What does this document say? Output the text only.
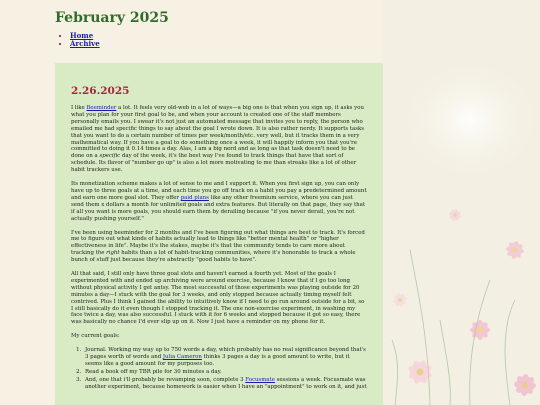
February 2025
▪ Home
▪ Archive
2.26.2025

I like Beeminder a lot. It feels very old-web in a lot of ways—a big one is that when you sign up, it asks you what you plan for your first goal to be, and when your account is created one of the staff members personally emails you. I swear it's not just an automated message that invites you to reply, the person who emailed me had specific things to say about the goal I wrote down. It is also rather nerdy. It supports tasks that you want to do a certain number of times per week/month/etc. very well, but it tracks them in a very mathematical way. If you have a goal to do something once a week, it will happily inform you that you're committed to doing it 0.14 times a day. Alas, I am a big nerd and as long as that task doesn't need to be done on a specific day of the week, it's the best way I've found to track things that have that sort of schedule. Its flavor of "number go up" is also a lot more motivating to me than streaks like a lot of other habit trackers use.

Its monetization scheme makes a lot of sense to me and I support it. When you first sign up, you can only have up to three goals at a time, and each time you go off track on a habit you pay a predetermined amount and earn one more goal slot. They offer paid plans like any other freemium service, where you can just send them x dollars a month for unlimited goals and extra features. But literally on that page, they say that if all you want is more goals, you should earn them by derailing because "if you never derail, you're not actually pushing yourself."

I've been using beeminder for 2 months and I've been figuring out what things are best to track. It's forced me to figure out what kinds of habits actually lead to things like "better mental health" or "higher effectiveness in life". Maybe it's the stakes, maybe it's that the community tends to care more about tracking the right habits than a lot of habit-tracking communities, where it's honorable to track a whole bunch of stuff just because they're abstractly "good habits to have".

All that said, I still only have three goal slots and haven't earned a fourth yet. Most of the goals I experimented with and ended up archiving were around exercise, because I know that if I go too long without physical activity I get antsy. The most successful of those experiments was playing outside for 20 minutes a day—I stuck with the goal for 3 weeks, and only stopped because actually timing myself felt contrived. Plus I think I gained the ability to intuitively know if I need to go run around outside for a bit, so I still basically do it even though I stopped tracking it. The one non-exercise experiment, in washing my face twice a day, was also successful. I stuck with it for 6 weeks and stopped because it got so easy, there was basically no chance I'd ever slip up on it. Now I just have a reminder on my phone for it.

My current goals:

1. Journal. Working my way up to 750 words a day, which probably has no real significance beyond that's 3 pages worth of words and Julia Cameron thinks 3 pages a day is a good amount to write, but it seems like a good amount for my purposes too.
2. Read a book off my TBR pile for 30 minutes a day.
3. And, one that i'll probably be revamping soon, complete 3 Focusmate sessions a week. Focusmate was another experiment, because homework is easier when I have an "appointment" to work on it, and just
